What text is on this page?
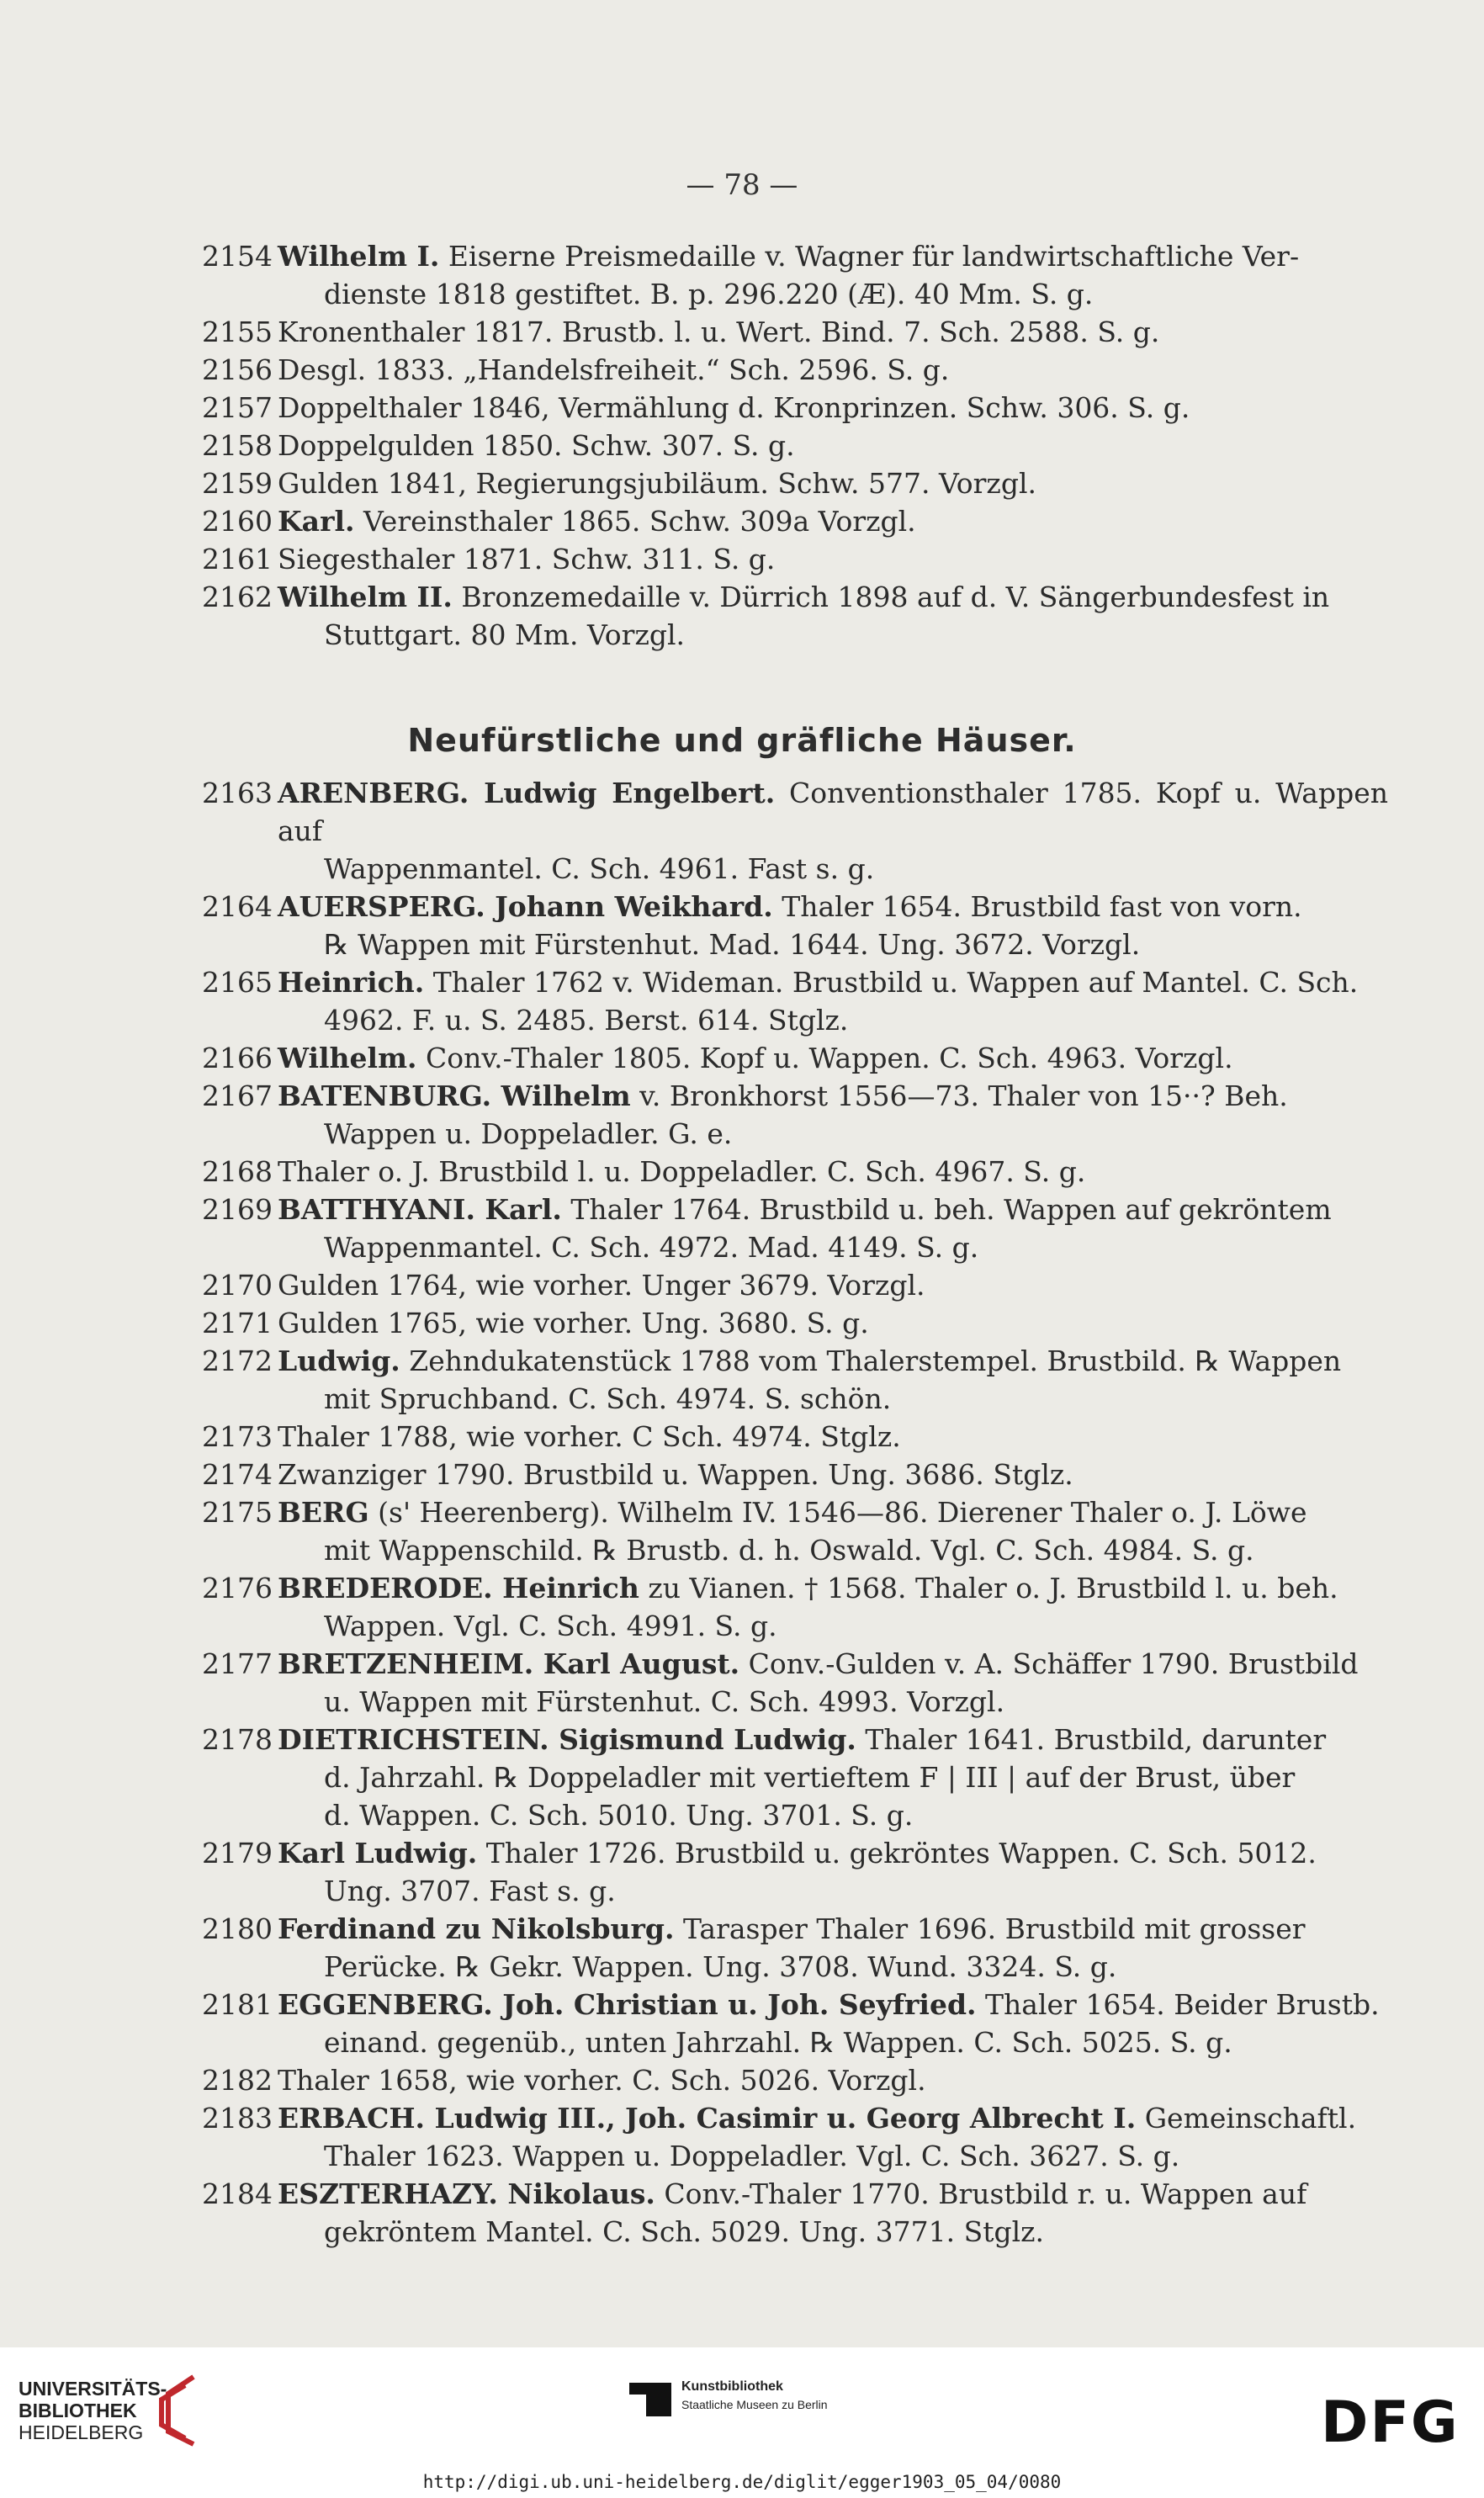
— 78 —
2154 Wilhelm I. Eiserne Preismedaille v. Wagner für landwirtschaftliche Ver-
dienste 1818 gestiftet. B. p. 296.220 (Æ). 40 Mm. S. g.
2155 Kronenthaler 1817. Brustb. l. u. Wert. Bind. 7. Sch. 2588. S. g.
2156 Desgl. 1833. „Handelsfreiheit.“ Sch. 2596. S. g.
2157 Doppelthaler 1846, Vermählung d. Kronprinzen. Schw. 306. S. g.
2158 Doppelgulden 1850. Schw. 307. S. g.
2159 Gulden 1841, Regierungsjubiläum. Schw. 577. Vorzgl.
2160 Karl. Vereinsthaler 1865. Schw. 309a Vorzgl.
2161 Siegesthaler 1871. Schw. 311. S. g.
2162 Wilhelm II. Bronzemedaille v. Dürrich 1898 auf d. V. Sängerbundesfest in
Stuttgart. 80 Mm. Vorzgl.
Neufürstliche und gräfliche Häuser.
2163 ARENBERG. Ludwig Engelbert. Conventionsthaler 1785. Kopf u. Wappen auf
Wappenmantel. C. Sch. 4961. Fast s. g.
2164 AUERSPERG. Johann Weikhard. Thaler 1654. Brustbild fast von vorn.
℞ Wappen mit Fürstenhut. Mad. 1644. Ung. 3672. Vorzgl.
2165 Heinrich. Thaler 1762 v. Wideman. Brustbild u. Wappen auf Mantel. C. Sch.
4962. F. u. S. 2485. Berst. 614. Stglz.
2166 Wilhelm. Conv.-Thaler 1805. Kopf u. Wappen. C. Sch. 4963. Vorzgl.
2167 BATENBURG. Wilhelm v. Bronkhorst 1556—73. Thaler von 15··? Beh.
Wappen u. Doppeladler. G. e.
2168 Thaler o. J. Brustbild l. u. Doppeladler. C. Sch. 4967. S. g.
2169 BATTHYANI. Karl. Thaler 1764. Brustbild u. beh. Wappen auf gekröntem
Wappenmantel. C. Sch. 4972. Mad. 4149. S. g.
2170 Gulden 1764, wie vorher. Unger 3679. Vorzgl.
2171 Gulden 1765, wie vorher. Ung. 3680. S. g.
2172 Ludwig. Zehndukatenstück 1788 vom Thalerstempel. Brustbild. ℞ Wappen
mit Spruchband. C. Sch. 4974. S. schön.
2173 Thaler 1788, wie vorher. C Sch. 4974. Stglz.
2174 Zwanziger 1790. Brustbild u. Wappen. Ung. 3686. Stglz.
2175 BERG (s' Heerenberg). Wilhelm IV. 1546—86. Dierener Thaler o. J. Löwe
mit Wappenschild. ℞ Brustb. d. h. Oswald. Vgl. C. Sch. 4984. S. g.
2176 BREDERODE. Heinrich zu Vianen. † 1568. Thaler o. J. Brustbild l. u. beh.
Wappen. Vgl. C. Sch. 4991. S. g.
2177 BRETZENHEIM. Karl August. Conv.-Gulden v. A. Schäffer 1790. Brustbild
u. Wappen mit Fürstenhut. C. Sch. 4993. Vorzgl.
2178 DIETRICHSTEIN. Sigismund Ludwig. Thaler 1641. Brustbild, darunter
d. Jahrzahl. ℞ Doppeladler mit vertieftem F | III | auf der Brust, über
d. Wappen. C. Sch. 5010. Ung. 3701. S. g.
2179 Karl Ludwig. Thaler 1726. Brustbild u. gekröntes Wappen. C. Sch. 5012.
Ung. 3707. Fast s. g.
2180 Ferdinand zu Nikolsburg. Tarasper Thaler 1696. Brustbild mit grosser
Perücke. ℞ Gekr. Wappen. Ung. 3708. Wund. 3324. S. g.
2181 EGGENBERG. Joh. Christian u. Joh. Seyfried. Thaler 1654. Beider Brustb.
einand. gegenüb., unten Jahrzahl. ℞ Wappen. C. Sch. 5025. S. g.
2182 Thaler 1658, wie vorher. C. Sch. 5026. Vorzgl.
2183 ERBACH. Ludwig III., Joh. Casimir u. Georg Albrecht I. Gemeinschaftl.
Thaler 1623. Wappen u. Doppeladler. Vgl. C. Sch. 3627. S. g.
2184 ESZTERHAZY. Nikolaus. Conv.-Thaler 1770. Brustbild r. u. Wappen auf
gekröntem Mantel. C. Sch. 5029. Ung. 3771. Stglz.
UNIVERSITÄTS-
BIBLIOTHEK
HEIDELBERG
Kunstbibliothek
Staatliche Museen zu Berlin	DFG
http://digi.ub.uni-heidelberg.de/diglit/egger1903_05_04/0080
